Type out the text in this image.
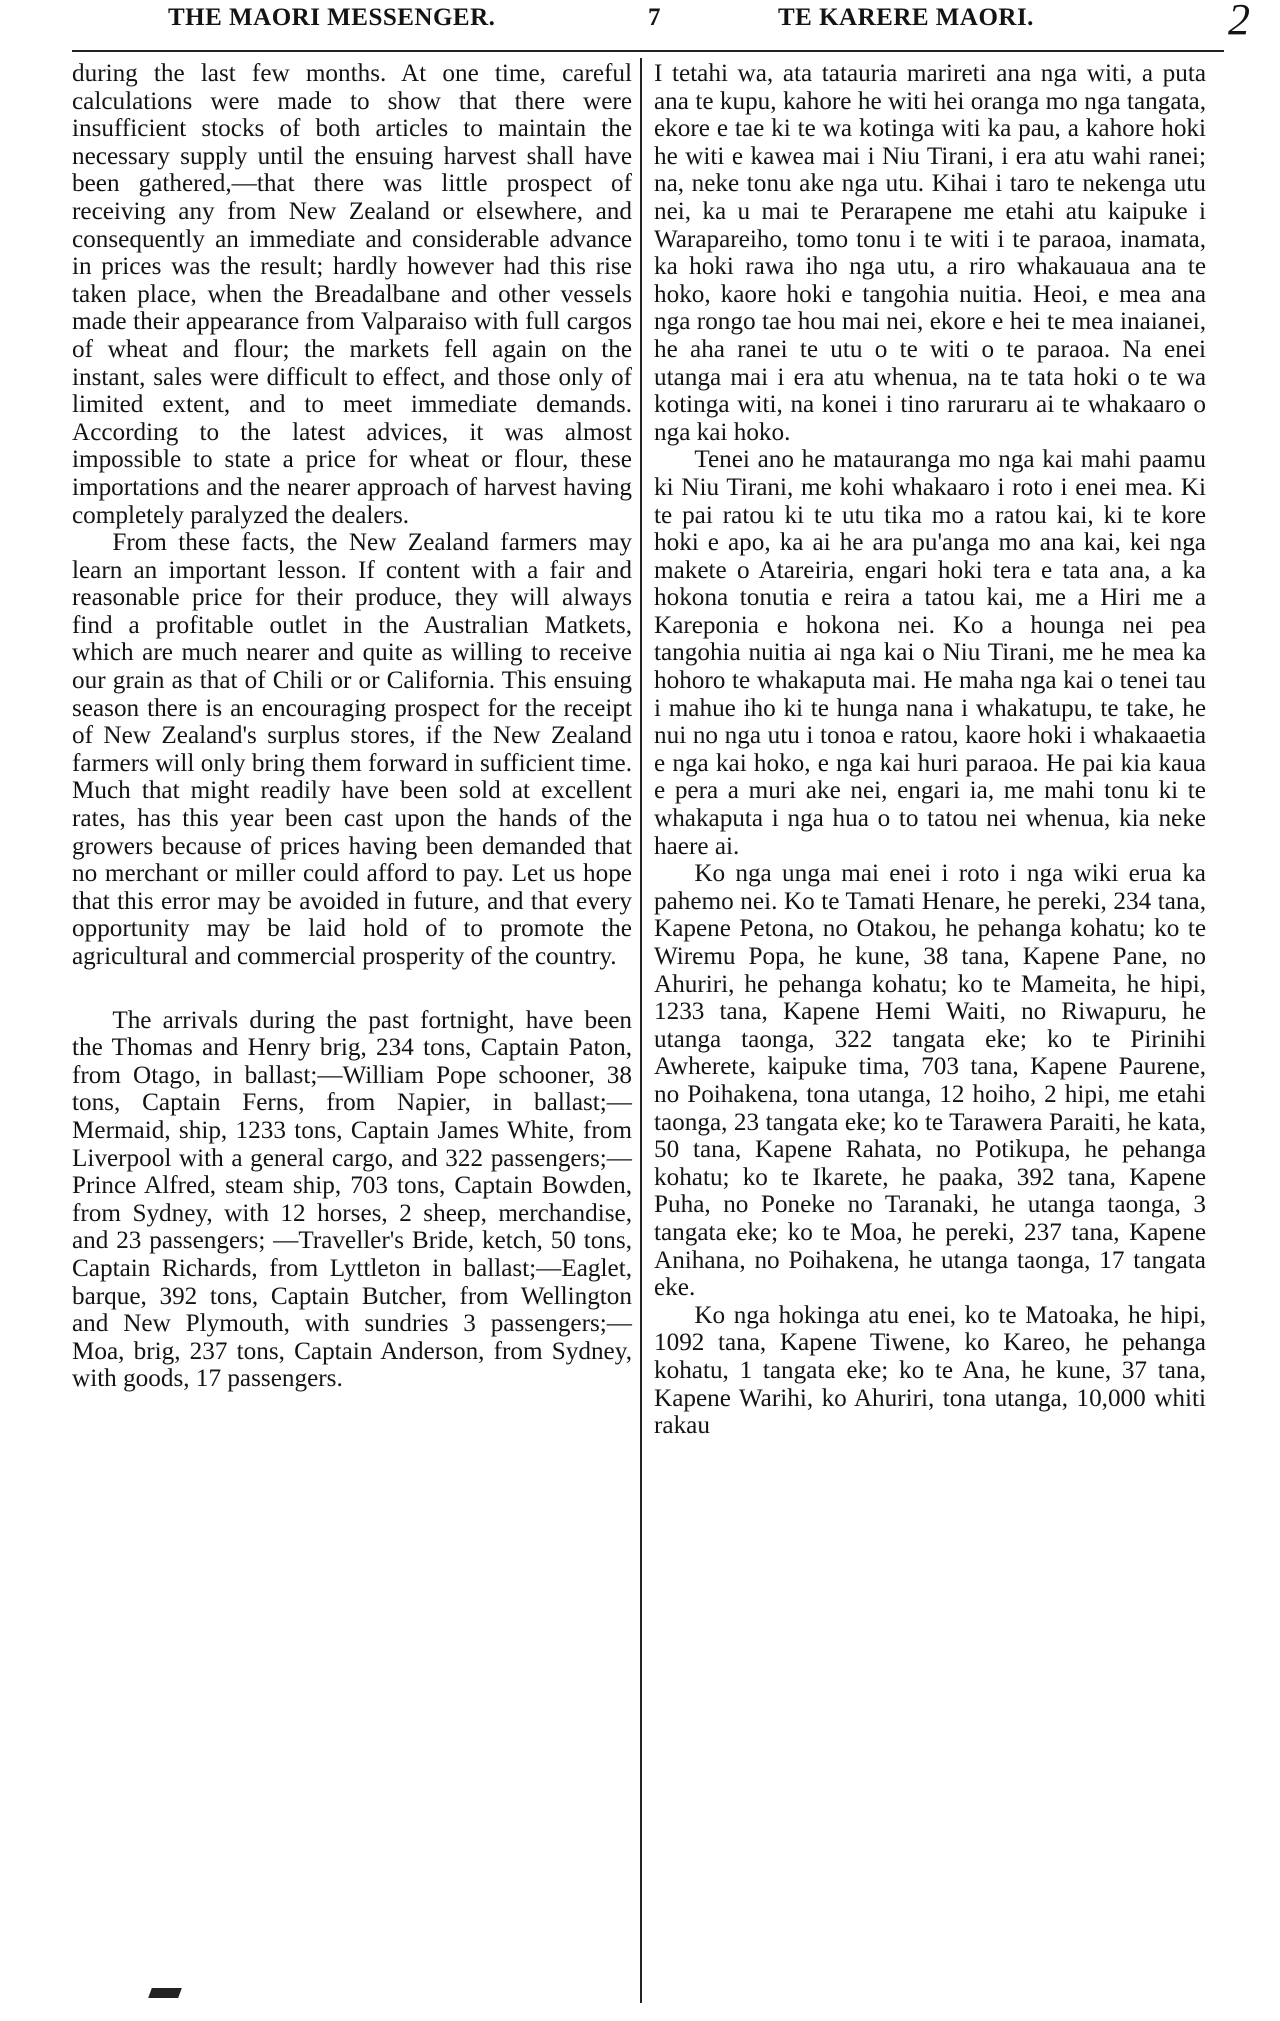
THE MAORI MESSENGER.	7	TE KARERE MAORI.	2

during the last few months. At one time, careful calculations were made to show that there were insufficient stocks of both articles to maintain the necessary supply until the ensuing harvest shall have been gathered,—that there was little prospect of receiving any from New Zealand or elsewhere, and consequently an immediate and considerable advance in prices was the result; hardly however had this rise taken place, when the Breadalbane and other vessels made their appearance from Valparaiso with full cargos of wheat and flour; the markets fell again on the instant, sales were difficult to effect, and those only of limited extent, and to meet immediate demands. According to the latest advices, it was almost impossible to state a price for wheat or flour, these importations and the nearer approach of harvest having completely paralyzed the dealers.

From these facts, the New Zealand farmers may learn an important lesson. If content with a fair and reasonable price for their produce, they will always find a profitable outlet in the Australian Matkets, which are much nearer and quite as willing to receive our grain as that of Chili or or California. This ensuing season there is an encouraging prospect for the receipt of New Zealand's surplus stores, if the New Zealand farmers will only bring them forward in sufficient time. Much that might readily have been sold at excellent rates, has this year been cast upon the hands of the growers because of prices having been demanded that no merchant or miller could afford to pay. Let us hope that this error may be avoided in future, and that every opportunity may be laid hold of to promote the agricultural and commercial prosperity of the country.

The arrivals during the past fortnight, have been the Thomas and Henry brig, 234 tons, Captain Paton, from Otago, in ballast;—William Pope schooner, 38 tons, Captain Ferns, from Napier, in ballast;—Mermaid, ship, 1233 tons, Captain James White, from Liverpool with a general cargo, and 322 passengers;—Prince Alfred, steam ship, 703 tons, Captain Bowden, from Sydney, with 12 horses, 2 sheep, merchandise, and 23 passengers; —Traveller's Bride, ketch, 50 tons, Captain Richards, from Lyttleton in ballast;—Eaglet, barque, 392 tons, Captain Butcher, from Wellington and New Plymouth, with sundries 3 passengers;—Moa, brig, 237 tons, Captain Anderson, from Sydney, with goods, 17 passengers.

I tetahi wa, ata tatauria marireti ana nga witi, a puta ana te kupu, kahore he witi hei oranga mo nga tangata, ekore e tae ki te wa kotinga witi ka pau, a kahore hoki he witi e kawea mai i Niu Tirani, i era atu wahi ranei; na, neke tonu ake nga utu. Kihai i taro te nekenga utu nei, ka u mai te Perarapene me etahi atu kaipuke i Warapareiho, tomo tonu i te witi i te paraoa, inamata, ka hoki rawa iho nga utu, a riro whakauaua ana te hoko, kaore hoki e tangohia nuitia. Heoi, e mea ana nga rongo tae hou mai nei, ekore e hei te mea inaianei, he aha ranei te utu o te witi o te paraoa. Na enei utanga mai i era atu whenua, na te tata hoki o te wa kotinga witi, na konei i tino raruraru ai te whakaaro o nga kai hoko.

Tenei ano he matauranga mo nga kai mahi paamu ki Niu Tirani, me kohi whakaaro i roto i enei mea. Ki te pai ratou ki te utu tika mo a ratou kai, ki te kore hoki e apo, ka ai he ara pu'anga mo ana kai, kei nga makete o Atareiria, engari hoki tera e tata ana, a ka hokona tonutia e reira a tatou kai, me a Hiri me a Kareponia e hokona nei. Ko a hounga nei pea tangohia nuitia ai nga kai o Niu Tirani, me he mea ka hohoro te whakaputa mai. He maha nga kai o tenei tau i mahue iho ki te hunga nana i whakatupu, te take, he nui no nga utu i tonoa e ratou, kaore hoki i whakaaetia e nga kai hoko, e nga kai huri paraoa. He pai kia kaua e pera a muri ake nei, engari ia, me mahi tonu ki te whakaputa i nga hua o to tatou nei whenua, kia neke haere ai.

Ko nga unga mai enei i roto i nga wiki erua ka pahemo nei. Ko te Tamati Henare, he pereki, 234 tana, Kapene Petona, no Otakou, he pehanga kohatu; ko te Wiremu Popa, he kune, 38 tana, Kapene Pane, no Ahuriri, he pehanga kohatu; ko te Mameita, he hipi, 1233 tana, Kapene Hemi Waiti, no Riwapuru, he utanga taonga, 322 tangata eke; ko te Pirinihi Awherete, kaipuke tima, 703 tana, Kapene Paurene, no Poihakena, tona utanga, 12 hoiho, 2 hipi, me etahi taonga, 23 tangata eke; ko te Tarawera Paraiti, he kata, 50 tana, Kapene Rahata, no Potikupa, he pehanga kohatu; ko te Ikarete, he paaka, 392 tana, Kapene Puha, no Poneke no Taranaki, he utanga taonga, 3 tangata eke; ko te Moa, he pereki, 237 tana, Kapene Anihana, no Poihakena, he utanga taonga, 17 tangata eke.

Ko nga hokinga atu enei, ko te Matoaka, he hipi, 1092 tana, Kapene Tiwene, ko Kareo, he pehanga kohatu, 1 tangata eke; ko te Ana, he kune, 37 tana, Kapene Warihi, ko Ahuriri, tona utanga, 10,000 whiti rakau
